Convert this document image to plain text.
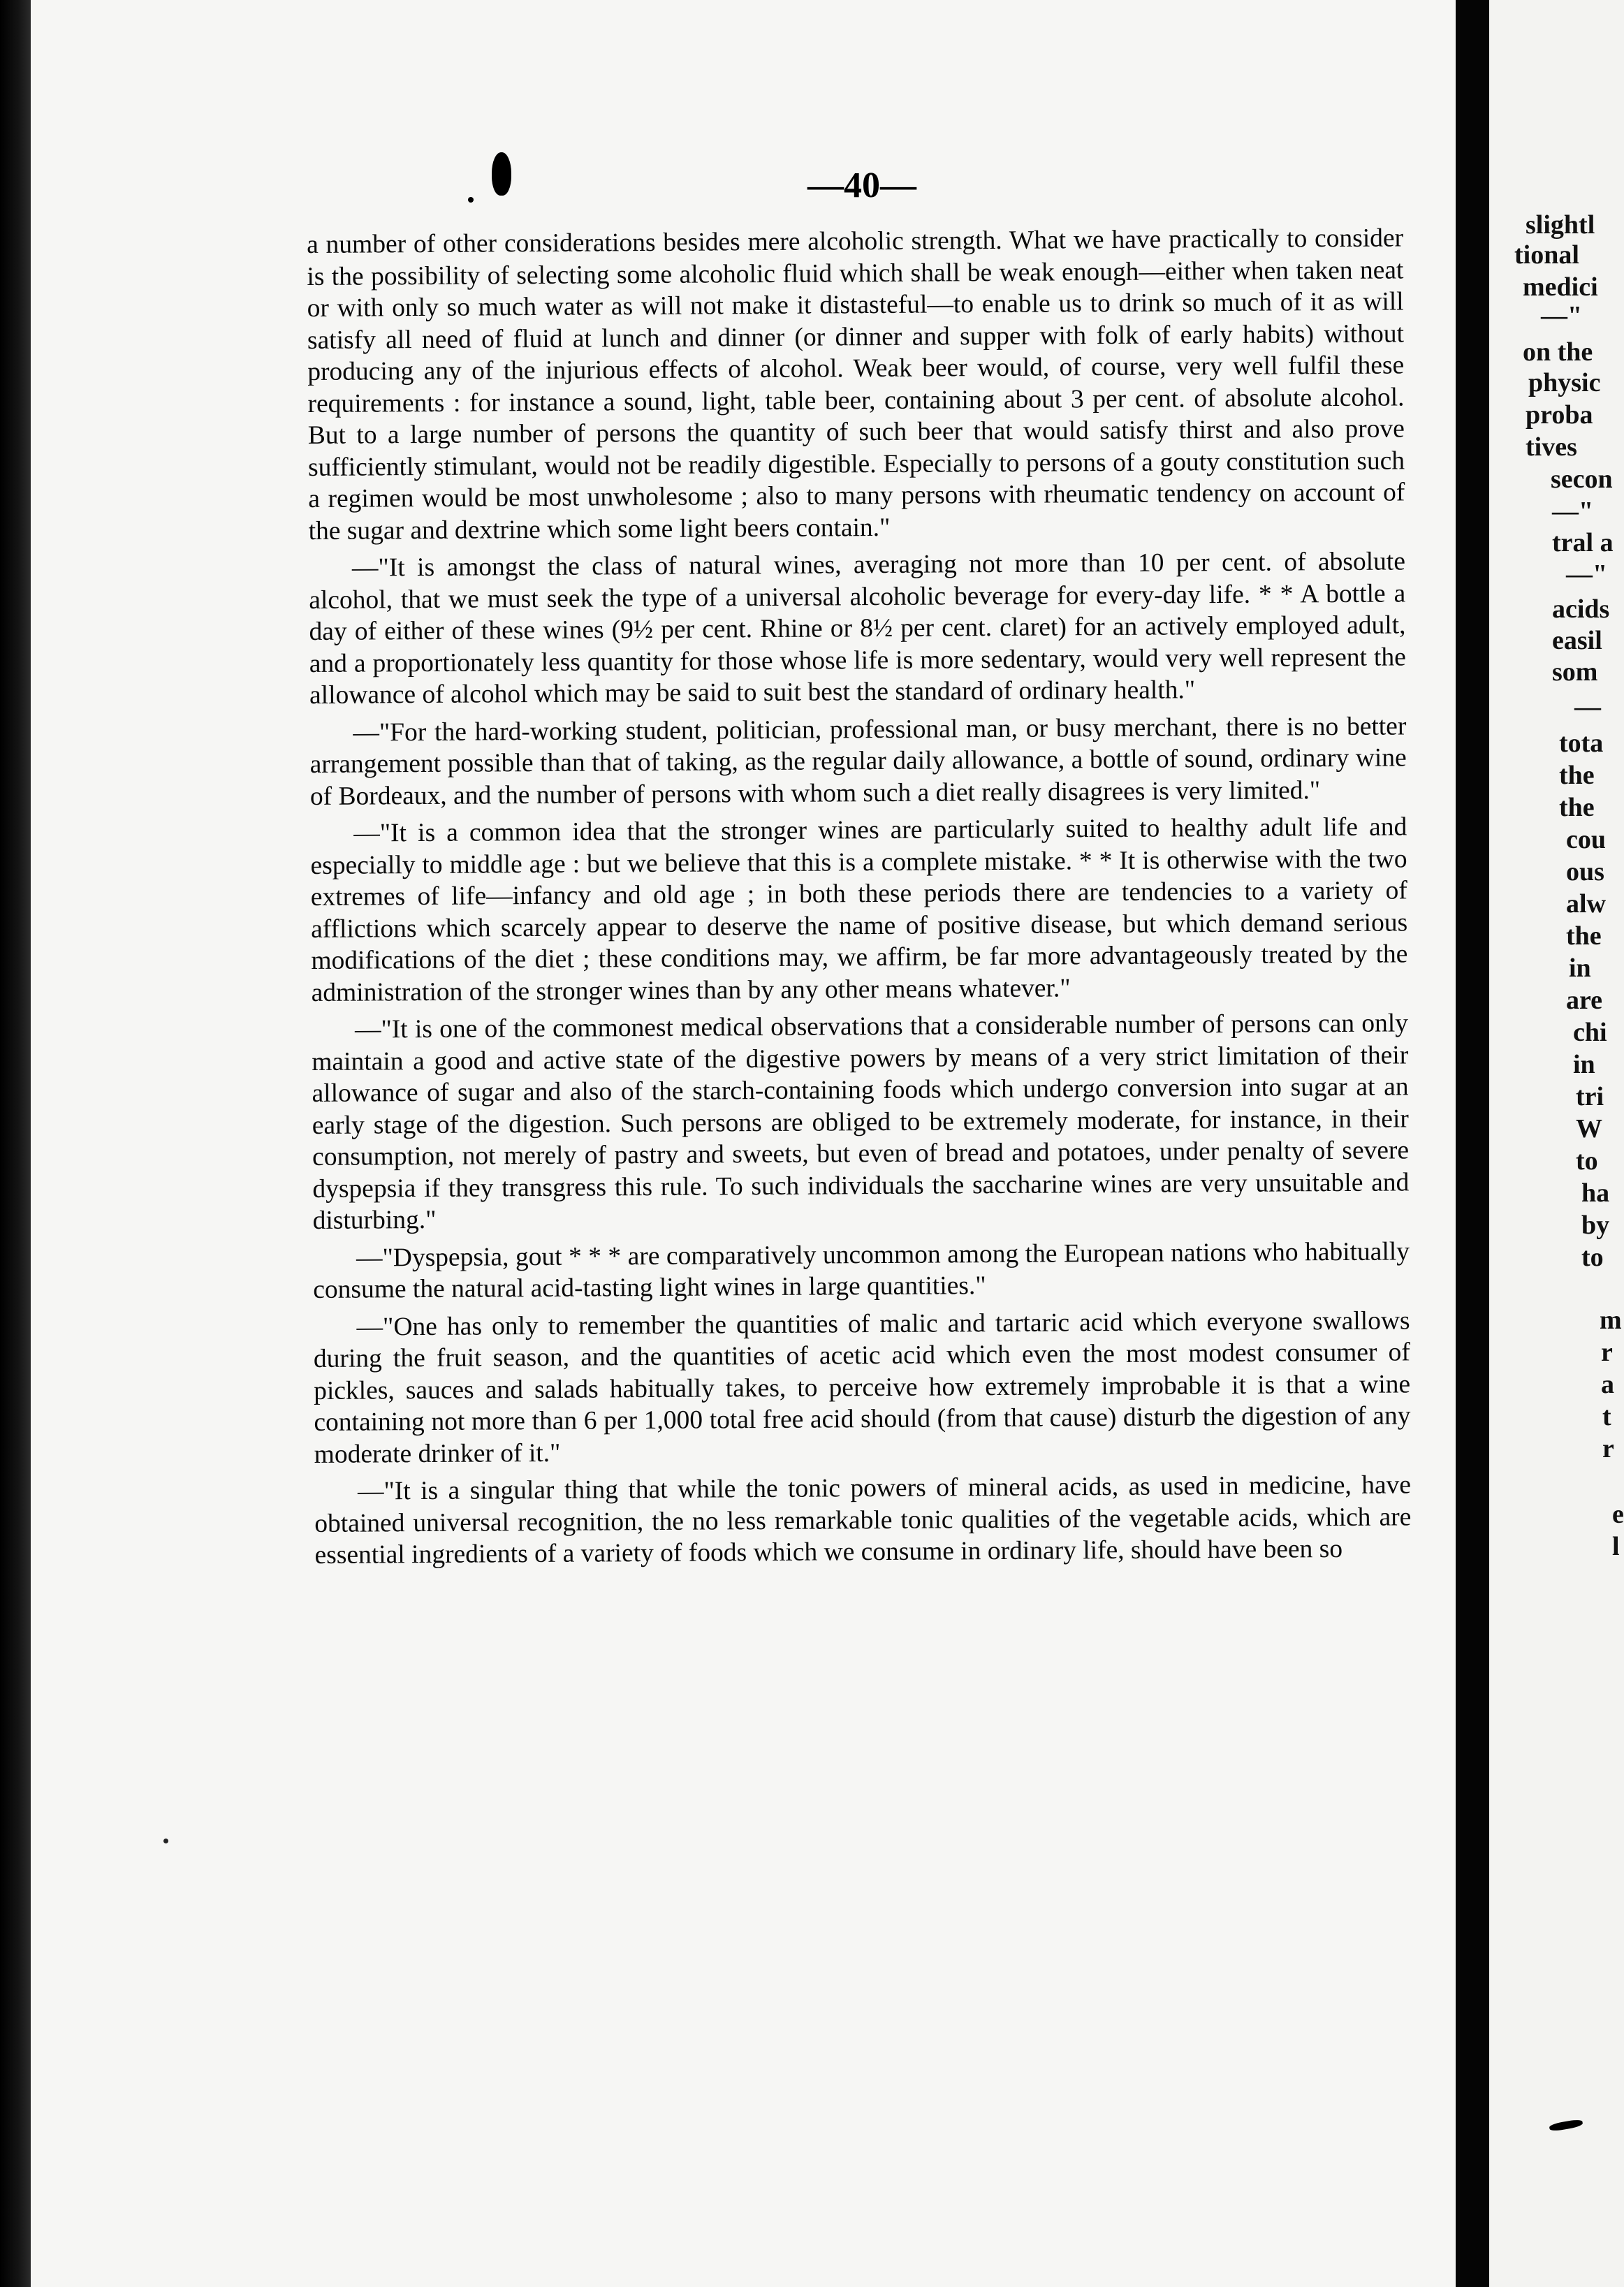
—40—

a number of other considerations besides mere alcoholic strength. What we have practically to consider is the possibility of selecting some alcoholic fluid which shall be weak enough—either when taken neat or with only so much water as will not make it distasteful—to enable us to drink so much of it as will satisfy all need of fluid at lunch and dinner (or dinner and supper with folk of early habits) without producing any of the injurious effects of alcohol. Weak beer would, of course, very well fulfil these requirements : for instance a sound, light, table beer, containing about 3 per cent. of absolute alcohol. But to a large number of persons the quantity of such beer that would satisfy thirst and also prove sufficiently stimulant, would not be readily digestible. Especially to persons of a gouty constitution such a regimen would be most unwholesome ; also to many persons with rheumatic tendency on account of the sugar and dextrine which some light beers contain."

—"It is amongst the class of natural wines, averaging not more than 10 per cent. of absolute alcohol, that we must seek the type of a universal alcoholic beverage for every-day life. * * A bottle a day of either of these wines (9½ per cent. Rhine or 8½ per cent. claret) for an actively employed adult, and a proportionately less quantity for those whose life is more sedentary, would very well represent the allowance of alcohol which may be said to suit best the standard of ordinary health."

—"For the hard-working student, politician, professional man, or busy merchant, there is no better arrangement possible than that of taking, as the regular daily allowance, a bottle of sound, ordinary wine of Bordeaux, and the number of persons with whom such a diet really disagrees is very limited."

—"It is a common idea that the stronger wines are particularly suited to healthy adult life and especially to middle age : but we believe that this is a complete mistake. * * It is otherwise with the two extremes of life—infancy and old age ; in both these periods there are tendencies to a variety of afflictions which scarcely appear to deserve the name of positive disease, but which demand serious modifications of the diet ; these conditions may, we affirm, be far more advantageously treated by the administration of the stronger wines than by any other means whatever."

—"It is one of the commonest medical observations that a considerable number of persons can only maintain a good and active state of the digestive powers by means of a very strict limitation of their allowance of sugar and also of the starch-containing foods which undergo conversion into sugar at an early stage of the digestion. Such persons are obliged to be extremely moderate, for instance, in their consumption, not merely of pastry and sweets, but even of bread and potatoes, under penalty of severe dyspepsia if they transgress this rule. To such individuals the saccharine wines are very unsuitable and disturbing."

—"Dyspepsia, gout * * * are comparatively uncommon among the European nations who habitually consume the natural acid-tasting light wines in large quantities."

—"One has only to remember the quantities of malic and tartaric acid which everyone swallows during the fruit season, and the quantities of acetic acid which even the most modest consumer of pickles, sauces and salads habitually takes, to perceive how extremely improbable it is that a wine containing not more than 6 per 1,000 total free acid should (from that cause) disturb the digestion of any moderate drinker of it."

—"It is a singular thing that while the tonic powers of mineral acids, as used in medicine, have obtained universal recognition, the no less remarkable tonic qualities of the vegetable acids, which are essential ingredients of a variety of foods which we consume in ordinary life, should have been so

slightl
tional
medici
—"
on the
physic
proba
tives
secon
—"
tral a
—"
acids
easil
som
—
tota
the
the
cou
ous
alw
the
in
are
chi
in
tri
W
to
ha
by
to
m
r
a
t
r
e
l
